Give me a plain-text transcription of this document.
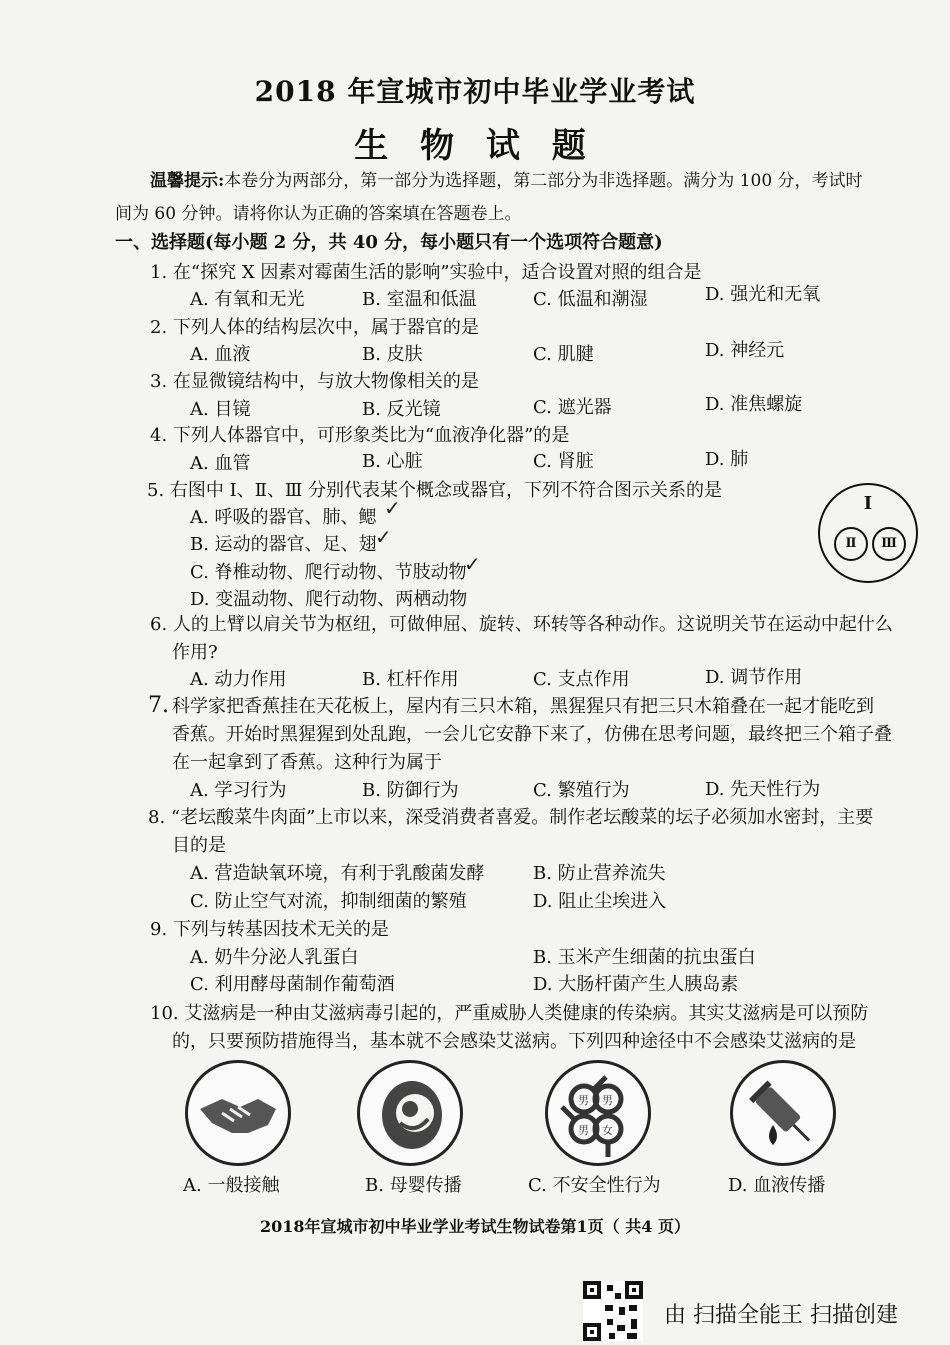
2018 年宣城市初中毕业学业考试
生 物 试 题
温馨提示:本卷分为两部分，第一部分为选择题，第二部分为非选择题。满分为 100 分，考试时
间为 60 分钟。请将你认为正确的答案填在答题卷上。
一、选择题(每小题 2 分，共 40 分，每小题只有一个选项符合题意)
1. 在“探究 X 因素对霉菌生活的影响”实验中，适合设置对照的组合是
A. 有氧和无光	B. 室温和低温	C. 低温和潮湿	D. 强光和无氧
2. 下列人体的结构层次中，属于器官的是
A. 血液	B. 皮肤	C. 肌腱	D. 神经元
3. 在显微镜结构中，与放大物像相关的是
A. 目镜	B. 反光镜	C. 遮光器	D. 准焦螺旋
4. 下列人体器官中，可形象类比为“血液净化器”的是
A. 血管	B. 心脏	C. 肾脏	D. 肺
5. 右图中 Ⅰ、Ⅱ、Ⅲ 分别代表某个概念或器官，下列不符合图示关系的是
A. 呼吸的器官、肺、鳃 ✓
B. 运动的器官、足、翅
✓
C. 脊椎动物、爬行动物、节肢动物
✓
D. 变温动物、爬行动物、两栖动物
I
Ⅱ	Ⅲ
6. 人的上臂以肩关节为枢纽，可做伸屈、旋转、环转等各种动作。这说明关节在运动中起什么
作用?
A. 动力作用	B. 杠杆作用	C. 支点作用	D. 调节作用
7. 科学家把香蕉挂在天花板上，屋内有三只木箱，黑猩猩只有把三只木箱叠在一起才能吃到
香蕉。开始时黑猩猩到处乱跑，一会儿它安静下来了，仿佛在思考问题，最终把三个箱子叠
在一起拿到了香蕉。这种行为属于
A. 学习行为	B. 防御行为	C. 繁殖行为	D. 先天性行为
8. “老坛酸菜牛肉面”上市以来，深受消费者喜爱。制作老坛酸菜的坛子必须加水密封，主要
目的是
A. 营造缺氧环境，有利于乳酸菌发酵	B. 防止营养流失
C. 防止空气对流，抑制细菌的繁殖	D. 阻止尘埃进入
9. 下列与转基因技术无关的是
A. 奶牛分泌人乳蛋白	B. 玉米产生细菌的抗虫蛋白
C. 利用酵母菌制作葡萄酒	D. 大肠杆菌产生人胰岛素
10. 艾滋病是一种由艾滋病毒引起的，严重威胁人类健康的传染病。其实艾滋病是可以预防
的，只要预防措施得当，基本就不会感染艾滋病。下列四种途径中不会感染艾滋病的是
男 男
男 女
A. 一般接触	B. 母婴传播	C. 不安全性行为	D. 血液传播
2018年宣城市初中毕业学业考试生物试卷第1页（ 共4 页）
由 扫描全能王 扫描创建
